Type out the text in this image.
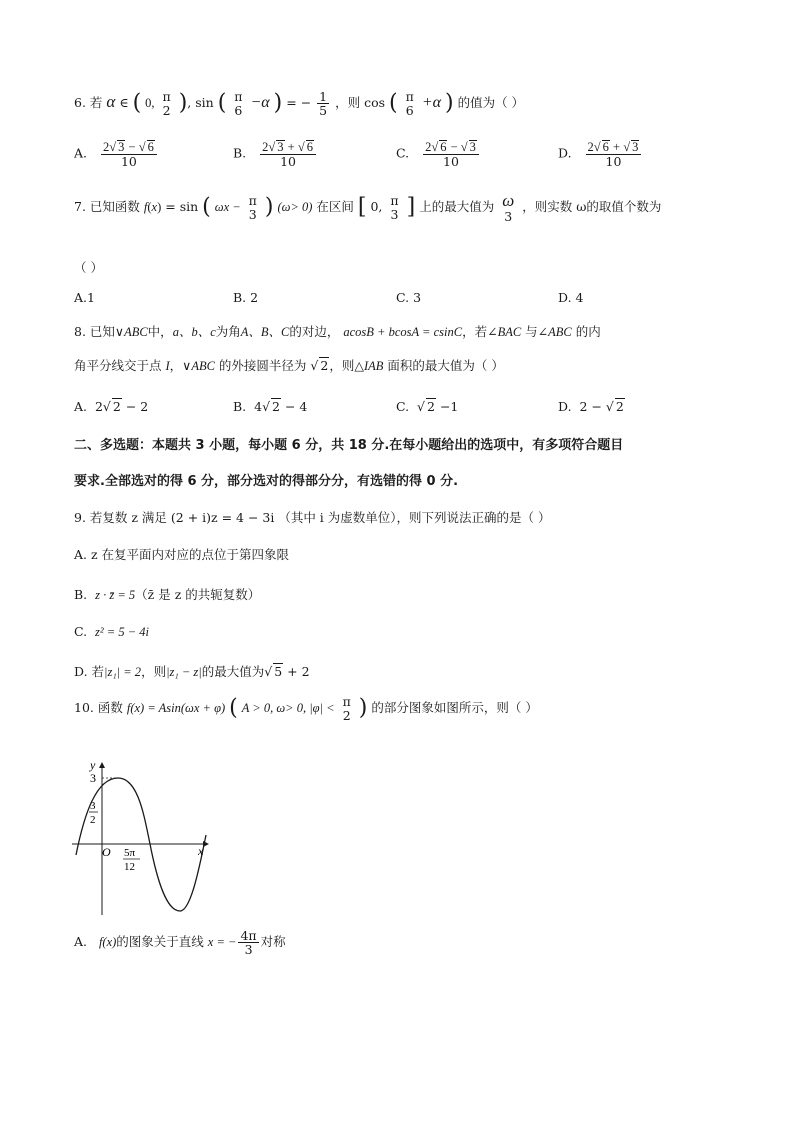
6. 若 α ∈ ( 0, π
2 ), sin ( π
6 −α ) = − $\frac{1}{5}$ ，则 cos ( π
6 +α ) 的值为（ ）
A. $\frac{2√ 3 - √ 6}{10}$	B. $\frac{2√ 3 + √ 6}{10}$	C. $\frac{2√ 6 - √ 3}{10}$	D. $\frac{2√ 6 + √ 3}{10}$
7. 已知函数 f(x) = sin ( ωx − π
3 ) (ω> 0) 在区间 [ 0, π
3 ] 上的最大值为 ω
3
，则实数 ω的取值个数为
（ ）
A.1	B. 2	C. 3	D. 4
8. 已知∨ABC中，a、b、c为角A、B、C的对边， acosB + bcosA = csinC，若∠BAC 与∠ABC 的内
角平分线交于点 I，∨ABC 的外接圆半径为 √ 2，则△IAB 面积的最大值为（ ）
A. 2√ 2 − 2	B. 4√ 2 − 4	C. √ 2 −1	D. 2 − √ 2
二、多选题：本题共 3 小题，每小题 6 分，共 18 分.在每小题给出的选项中，有多项符合题目
要求.全部选对的得 6 分，部分选对的得部分分，有选错的得 0 分.
9. 若复数 z 满足 (2 + i)z = 4 − 3i （其中 i 为虚数单位），则下列说法正确的是（ ）
A. z 在复平面内对应的点位于第四象限
B. z · z̄ = 5（z̄ 是 z 的共轭复数）
C. z² = 5 − 4i
D. 若|z₁| = 2，则|z₁ − z|的最大值为√ 5 + 2
10. 函数 f(x) = Asin(ωx + φ) ( A > 0, ω> 0, |φ| < π
2 ) 的部分图象如图所示，则（ ）
y
x
O
3
3
2
5π
12
A. f(x)的图象关于直线 x = − $\frac{4\pi}{3}$ 对称
